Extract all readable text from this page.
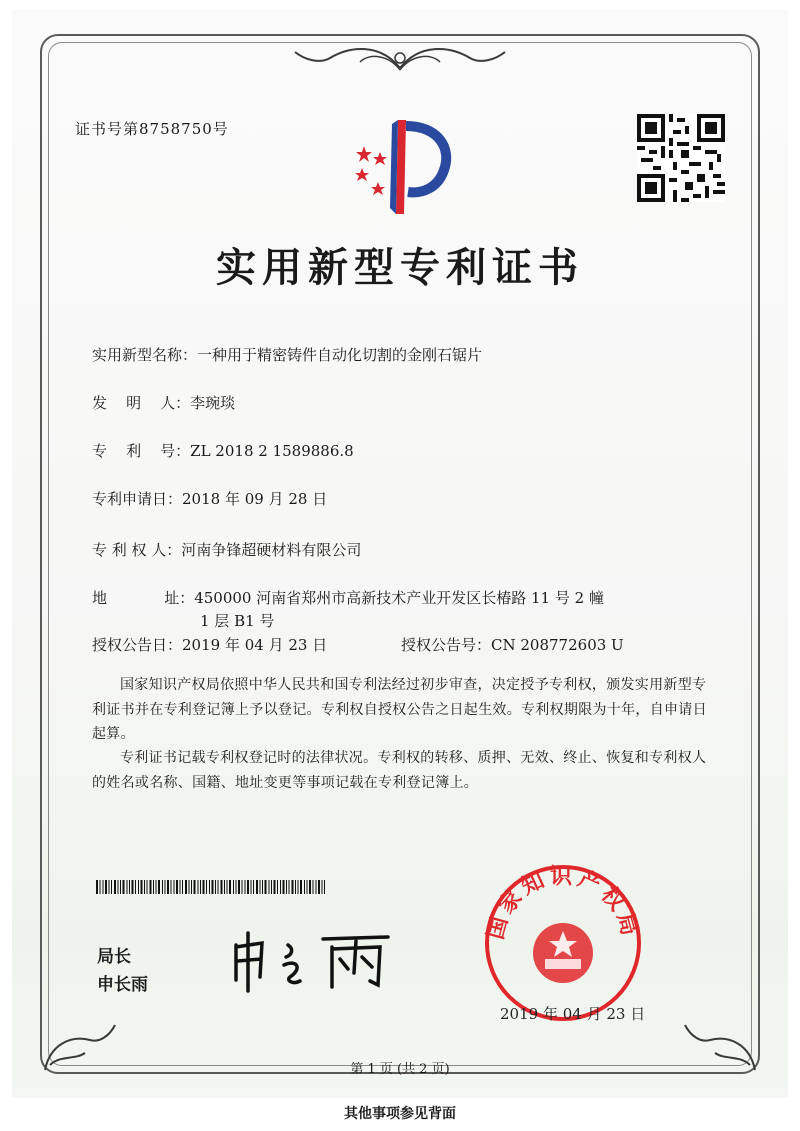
证书号第8758750号
实用新型专利证书
实用新型名称：一种用于精密铸件自动化切割的金刚石锯片
发    明    人：李琬琰
专    利    号：ZL 2018 2 1589886.8
专利申请日：2018 年 09 月 28 日
专 利 权 人：河南争锋超硬材料有限公司
地            址：450000 河南省郑州市高新技术产业开发区长椿路 11 号 2 幢
1 层 B1 号
授权公告日：2019 年 04 月 23 日	授权公告号：CN 208772603 U
国家知识产权局依照中华人民共和国专利法经过初步审查，决定授予专利权，颁发实用新型专利证书并在专利登记簿上予以登记。专利权自授权公告之日起生效。专利权期限为十年，自申请日起算。
专利证书记载专利权登记时的法律状况。专利权的转移、质押、无效、终止、恢复和专利权人的姓名或名称、国籍、地址变更等事项记载在专利登记簿上。
局长
申长雨
国家知识产权局
2019 年 04 月 23 日
第 1 页 (共 2 页)
其他事项参见背面
